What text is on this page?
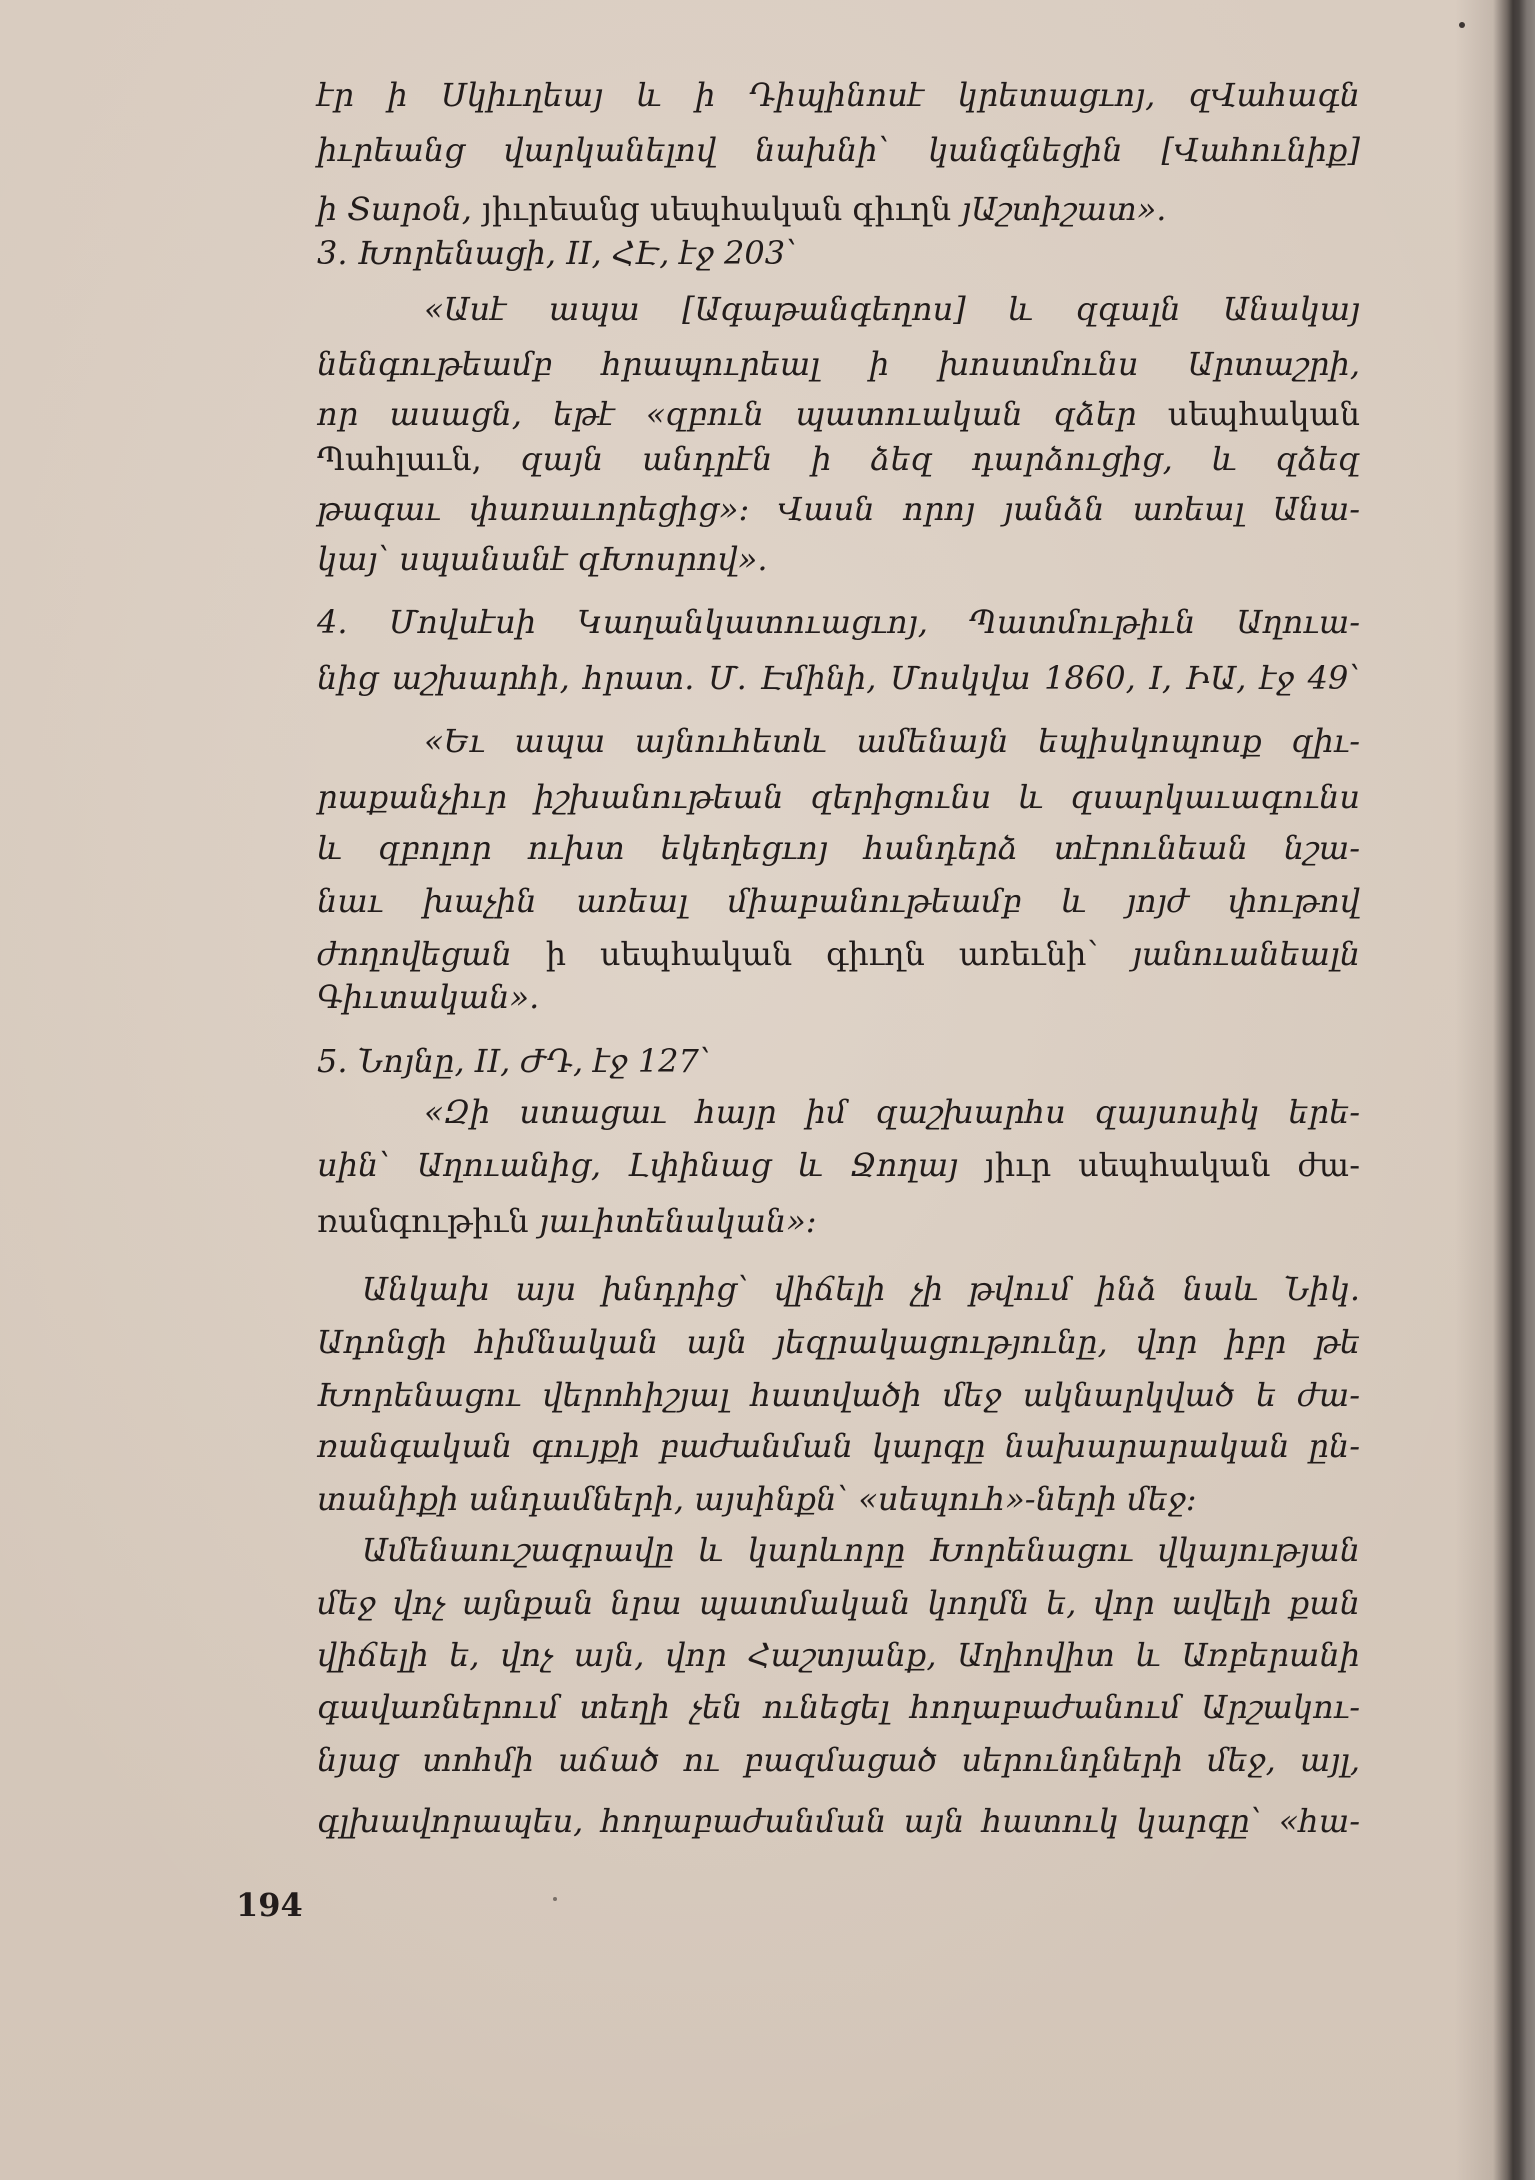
էր ի Սկիւղեայ և ի Դիպինոսէ կրետացւոյ, զՎահագն
իւրեանց վարկանելով նախնի՝ կանգնեցին [Վահունիք]
ի Տարօն, յիւրեանց սեպհական գիւղն յԱշտիշատ».
3. Խորենացի, II, ՀԷ, էջ 203՝
«Ասէ ապա [Ագաթանգեղոս] և զգալն Անակայ
նենգութեամբ հրապուրեալ ի խոստմունս Արտաշրի,
որ ասացն, եթէ «զբուն պատուական զձեր սեպհական
Պահլաւն, զայն անդրէն ի ձեզ դարձուցից, և զձեզ
թագաւ փառաւորեցից»։ Վասն որոյ յանձն առեալ Անա-
կայ՝ սպանանէ զԽոսրով».
4. Մովսէսի Կաղանկատուացւոյ, Պատմութիւն Աղուա-
նից աշխարհի, հրատ. Մ. Էմինի, Մոսկվա 1860, I, ԻԱ, էջ 49՝
«Եւ ապա այնուհետև ամենայն եպիսկոպոսք զիւ-
րաքանչիւր իշխանութեան զերիցունս և զսարկաւագունս
և զբոլոր ուխտ եկեղեցւոյ հանդերձ տէրունեան նշա-
նաւ խաչին առեալ միաբանութեամբ և յոյժ փութով
ժողովեցան ի սեպհական գիւղն առեւնի՝ յանուանեալն
Գիւտական».
5. Նոյնը, II, ԺԴ, էջ 127՝
«Զի ստացաւ հայր իմ զաշխարհս զայսոսիկ երե-
սին՝ Աղուանից, Լփինաց և Ջողայ յիւր սեպհական ժա-
ռանգութիւն յաւիտենական»։
Անկախ այս խնդրից՝ վիճելի չի թվում ինձ նաև Նիկ.
Ադոնցի հիմնական այն յեզրակացությունը, վոր իբր թե
Խորենացու վերոհիշյալ հատվածի մեջ ակնարկված ե ժա-
ռանգական գույքի բաժանման կարգը նախարարական ըն-
տանիքի անդամների, այսինքն՝ «սեպուհ»-ների մեջ։
Ամենաուշագրավը և կարևորը Խորենացու վկայության
մեջ վոչ այնքան նրա պատմական կողմն ե, վոր ավելի քան
վիճելի ե, վոչ այն, վոր Հաշտյանք, Աղիովիտ և Առբերանի
գավառներում տեղի չեն ունեցել հողաբաժանում Արշակու-
նյաց տոհմի աճած ու բազմացած սերունդների մեջ, այլ,
գլխավորապես, հողաբաժանման այն հատուկ կարգը՝ «հա-
194
